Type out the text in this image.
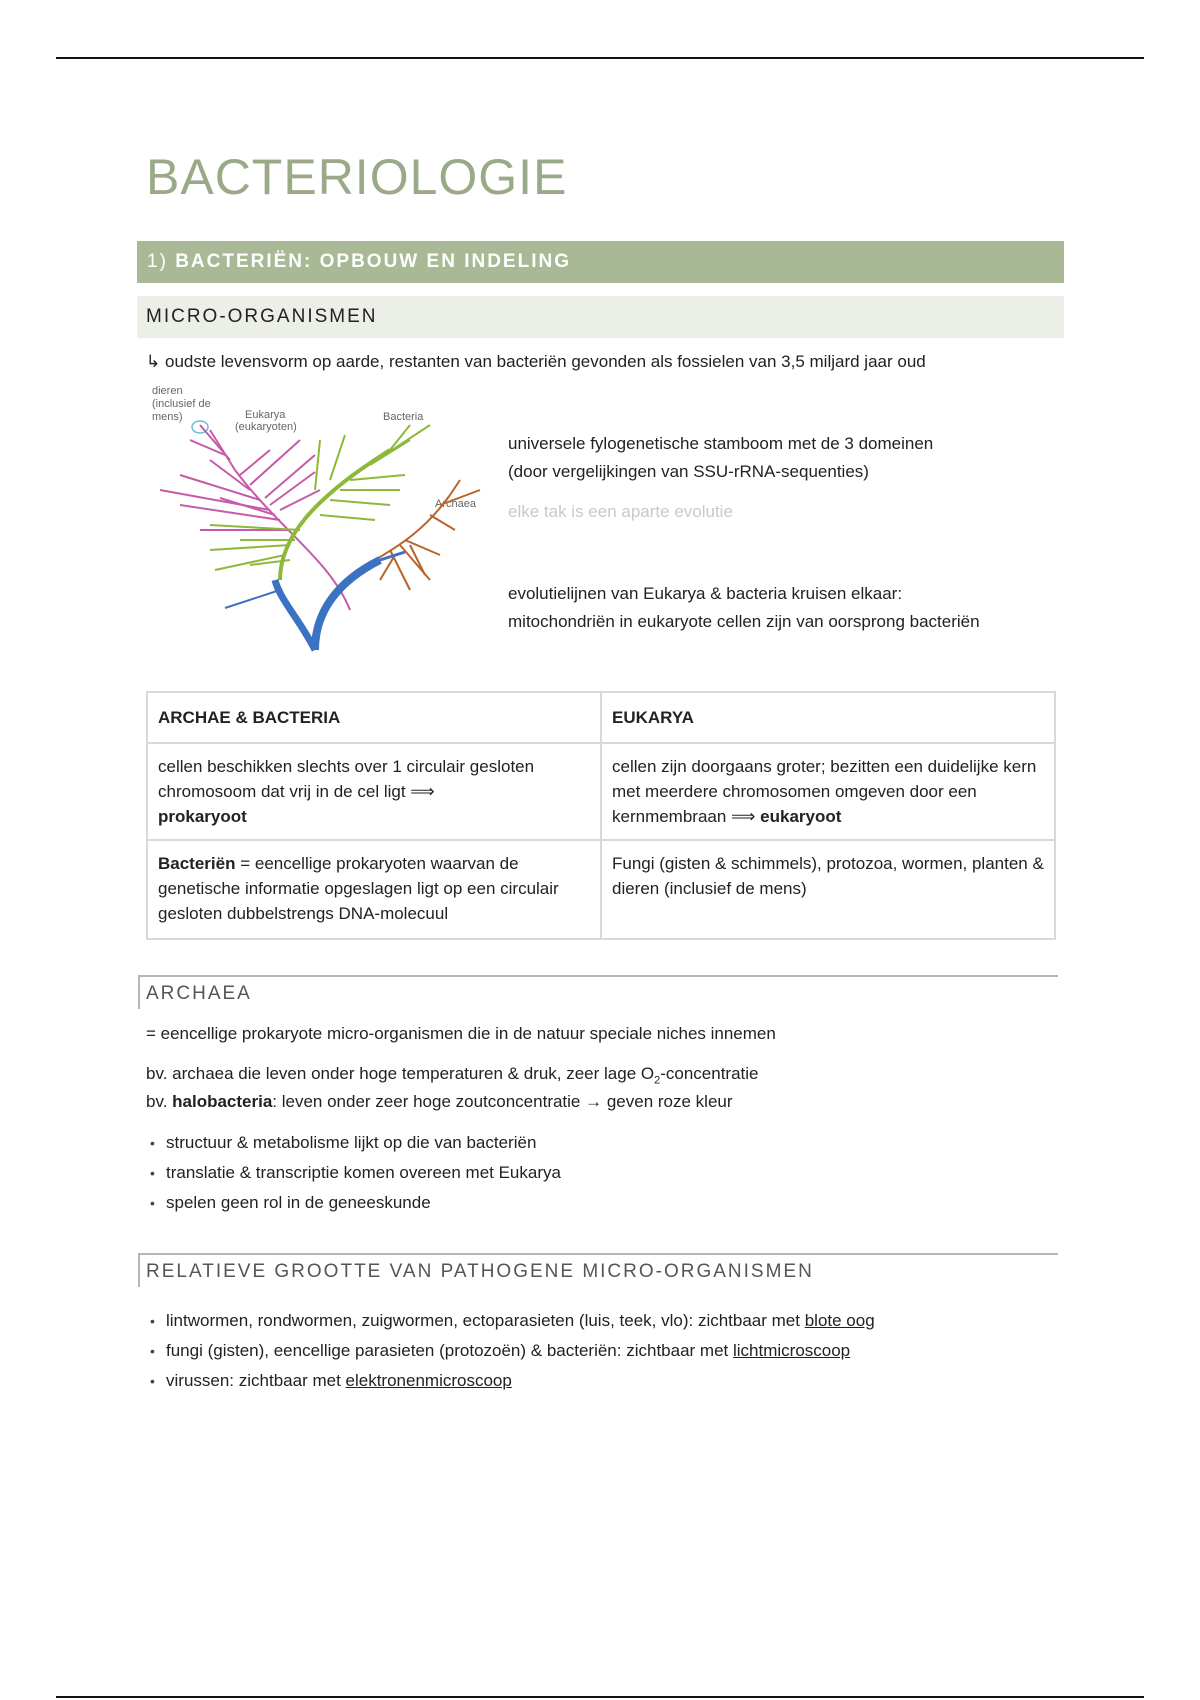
BACTERIOLOGIE
1) BACTERIËN: OPBOUW EN INDELING
MICRO-ORGANISMEN
↳ oudste levensvorm op aarde, restanten van bacteriën gevonden als fossielen van 3,5 miljard jaar oud
dieren
(inclusief de
mens)	Eukarya
(eukaryoten)
Bacteria
Archaea
universele fylogenetische stamboom met de 3 domeinen
(door vergelijkingen van SSU-rRNA-sequenties)
elke tak is een aparte evolutie
evolutielijnen van Eukarya & bacteria kruisen elkaar:
mitochondriën in eukaryote cellen zijn van oorsprong bacteriën
ARCHAE & BACTERIA	EUKARYA
cellen beschikken slechts over 1 circulair gesloten chromosoom dat vrij in de cel ligt ⟹
prokaryoot	cellen zijn doorgaans groter; bezitten een duidelijke kern met meerdere chromosomen omgeven door een kernmembraan ⟹ eukaryoot
Bacteriën = eencellige prokaryoten waarvan de genetische informatie opgeslagen ligt op een circulair gesloten dubbelstrengs DNA-molecuul	Fungi (gisten & schimmels), protozoa, wormen, planten & dieren (inclusief de mens)
ARCHAEA
= eencellige prokaryote micro-organismen die in de natuur speciale niches innemen
bv. archaea die leven onder hoge temperaturen & druk, zeer lage $O_2$-concentratie
bv. halobacteria: leven onder zeer hoge zoutconcentratie → geven roze kleur
• structuur & metabolisme lijkt op die van bacteriën
• translatie & transcriptie komen overeen met Eukarya
• spelen geen rol in de geneeskunde
RELATIEVE GROOTTE VAN PATHOGENE MICRO-ORGANISMEN
• lintwormen, rondwormen, zuigwormen, ectoparasieten (luis, teek, vlo): zichtbaar met blote oog
• fungi (gisten), eencellige parasieten (protozoën) & bacteriën: zichtbaar met lichtmicroscoop
• virussen: zichtbaar met elektronenmicroscoop
